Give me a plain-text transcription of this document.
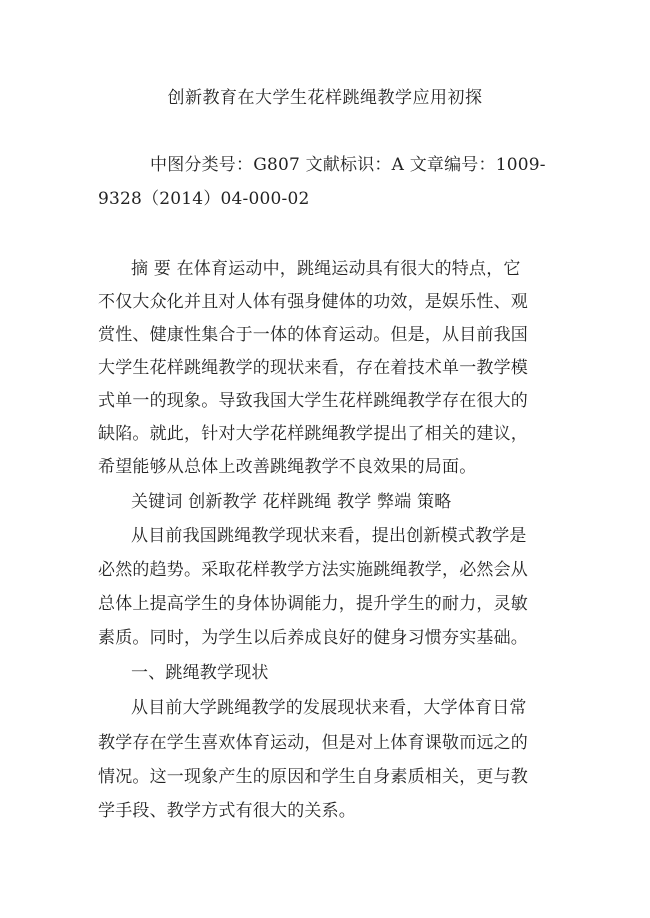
创新教育在大学生花样跳绳教学应用初探
中图分类号：G807 文献标识：A 文章编号：1009-
9328（2014）04-000-02
摘 要 在体育运动中，跳绳运动具有很大的特点，它
不仅大众化并且对人体有强身健体的功效，是娱乐性、观
赏性、健康性集合于一体的体育运动。但是，从目前我国
大学生花样跳绳教学的现状来看，存在着技术单一教学模
式单一的现象。导致我国大学生花样跳绳教学存在很大的
缺陷。就此，针对大学花样跳绳教学提出了相关的建议，
希望能够从总体上改善跳绳教学不良效果的局面。
关键词 创新教学 花样跳绳 教学 弊端 策略
从目前我国跳绳教学现状来看，提出创新模式教学是
必然的趋势。采取花样教学方法实施跳绳教学，必然会从
总体上提高学生的身体协调能力，提升学生的耐力，灵敏
素质。同时，为学生以后养成良好的健身习惯夯实基础。
一、跳绳教学现状
从目前大学跳绳教学的发展现状来看，大学体育日常
教学存在学生喜欢体育运动，但是对上体育课敬而远之的
情况。这一现象产生的原因和学生自身素质相关，更与教
学手段、教学方式有很大的关系。
